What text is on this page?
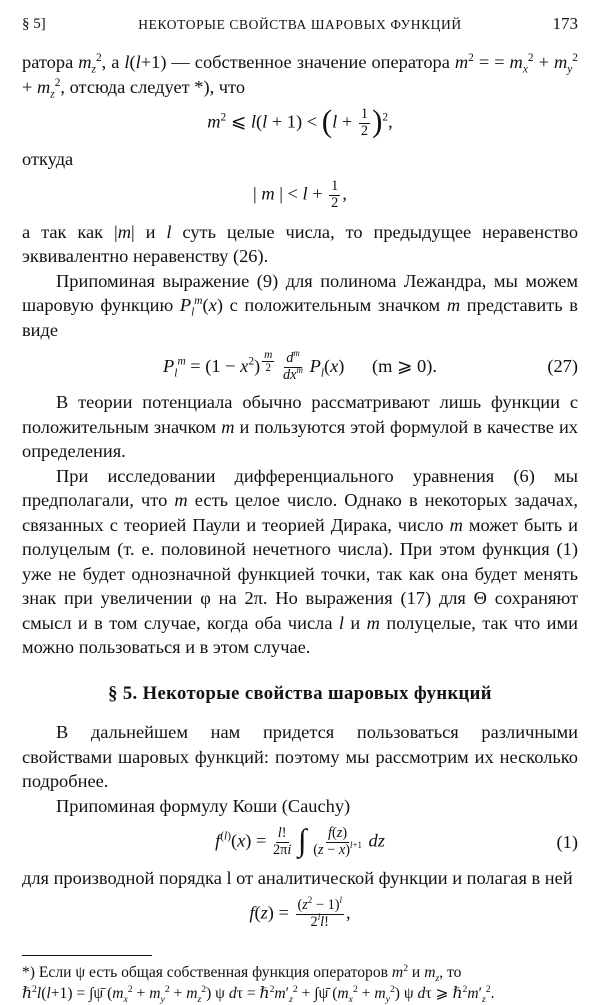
§ 5]	НЕКОТОРЫЕ СВОЙСТВА ШАРОВЫХ ФУНКЦИЙ	173

ратора $m_z^2$, а l(l+1) — собственное значение оператора $m^2$ = = $m_x^2 + m_y^2 + m_z^2$, отсюда следует *), что

$m^2$ ⩽ $l(l + 1) < (l + \frac{1}{2} )^2$,

откуда

| m | < $l + \frac{1}{2}$ ,

а так как |m| и l суть целые числа, то предыдущее неравенство эквивалентно неравенству (26).

Припоминая выражение (9) для полинома Лежандра, мы можем шаровую функцию $P_l^m(x)$ с положительным значком m представить в виде

$P_l^m = (1 - x^2)$ $^{\frac{m}{2}}$
$\frac{d^m}{dx^m} P_l(x)$      (m ⩾ 0).	(27)

В теории потенциала обычно рассматривают лишь функции с положительным значком m и пользуются этой формулой в качестве их определения.

При исследовании дифференциального уравнения (6) мы предполагали, что m есть целое число. Однако в некоторых задачах, связанных с теорией Паули и теорией Дирака, число m может быть и полуцелым (т. е. половиной нечетного числа). При этом функция (1) уже не будет однозначной функцией точки, так как она будет менять знак при увеличении φ на 2π. Но выражения (17) для Θ сохраняют смысл и в том случае, когда оба числа l и m полуцелые, так что ими можно пользоваться и в этом случае.

§ 5. Некоторые свойства шаровых функций

В дальнейшем нам придется пользоваться различными свойствами шаровых функций: поэтому мы рассмотрим их несколько подробнее.

Припоминая формулу Коши (Cauchy)

$f^{(l)}(x) = \frac{l!}{2\pi i}$ ∫ $\frac{f(z)}{(z - x)^{l+1}}$ dz	(1)

для производной порядка l от аналитической функции и полагая в ней

$f(z) = \frac{(z^2 - 1)^l}{2^ll!}$ ,
*) Если ψ есть общая собственная функция операторов $m^2$ и $m_z$, то
ℏ$^2$l(l+1) = ∫ψ̄ $(m_x^2 + m_y^2 + m_z^2)$ ψ $d\tau = \hbar^2m'_z^2$ + ∫ψ̄ $(m_x^2 + m_y^2)$ ψ dτ ⩾ $\hbar^2m'_z^2$.
